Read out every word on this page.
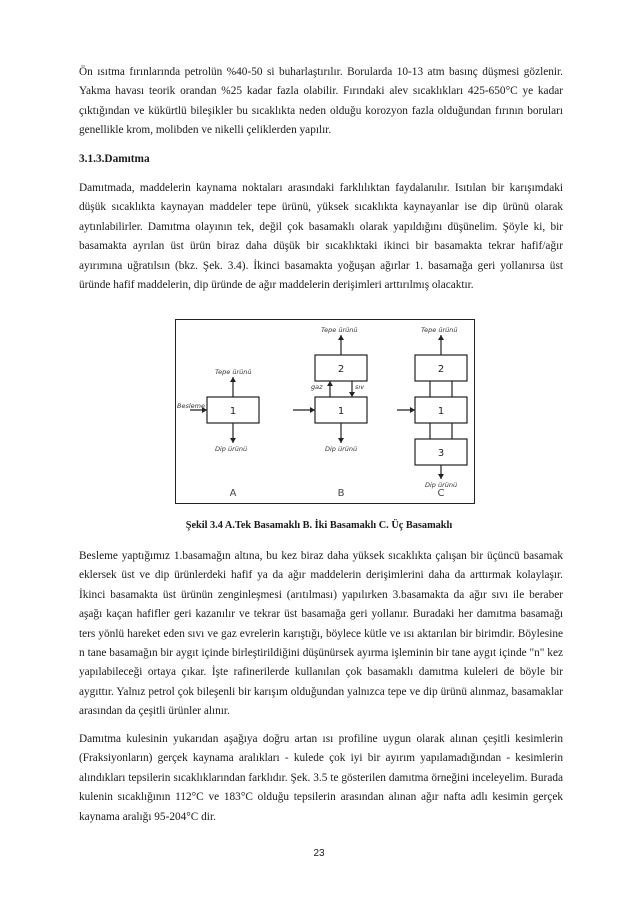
Ön ısıtma fırınlarında petrolün %40-50 si buharlaştırılır. Borularda 10-13 atm basınç düşmesi gözlenir. Yakma havası teorik orandan %25 kadar fazla olabilir. Fırındaki alev sıcaklıkları 425-650°C ye kadar çıktığından ve kükürtlü bileşikler bu sıcaklıkta neden olduğu korozyon fazla olduğundan fırının boruları genellikle krom, molibden ve nikelli çeliklerden yapılır.

3.1.3.Damıtma

Damıtmada, maddelerin kaynama noktaları arasındaki farklılıktan faydalanılır. Isıtılan bir karışımdaki düşük sıcaklıkta kaynayan maddeler tepe ürünü, yüksek sıcaklıkta kaynayanlar ise dip ürünü olarak aytınlabilirler. Damıtma olayının tek, değil çok basamaklı olarak yapıldığını düşünelim. Şöyle ki, bir basamakta ayrılan üst ürün biraz daha düşük bir sıcaklıktaki ikinci bir basamakta tekrar hafif/ağır ayırımına uğratılsın (bkz. Şek. 3.4). İkinci basamakta yoğuşan ağırlar 1. basamağa geri yollanırsa üst üründe hafif maddelerin, dip üründe de ağır maddelerin derişimleri arttırılmış olacaktır.

1
2
1
2
1
3
Besleme
Tepe ürünü
Dip ürünü
Tepe ürünü
gaz	sıv
Dip ürünü
Tepe ürünü
Dip ürünü
A	B	C

Şekil 3.4 A.Tek Basamaklı B. İki Basamaklı C. Üç Basamaklı

Besleme yaptığımız 1.basamağın altına, bu kez biraz daha yüksek sıcaklıkta çalışan bir üçüncü basamak eklersek üst ve dip ürünlerdeki hafif ya da ağır maddelerin derişimlerini daha da arttırmak kolaylaşır. İkinci basamakta üst ürünün zenginleşmesi (arıtılması) yapılırken 3.basamakta da ağır sıvı ile beraber aşağı kaçan hafifler geri kazanılır ve tekrar üst basamağa geri yollanır. Buradaki her damıtma basamağı ters yönlü hareket eden sıvı ve gaz evrelerin karıştığı, böylece kütle ve ısı aktarılan bir birimdir. Böylesine n tane basamağın bir aygıt içinde birleştirildiğini düşünürsek ayırma işleminin bir tane aygıt içinde "n" kez yapılabileceği ortaya çıkar. İşte rafinerilerde kullanılan çok basamaklı damıtma kuleleri de böyle bir aygıttır. Yalnız petrol çok bileşenli bir karışım olduğundan yalnızca tepe ve dip ürünü alınmaz, basamaklar arasından da çeşitli ürünler alınır.

Damıtma kulesinin yukarıdan aşağıya doğru artan ısı profiline uygun olarak alınan çeşitli kesimlerin (Fraksiyonların) gerçek kaynama aralıkları - kulede çok iyi bir ayırım yapılamadığından - kesimlerin alındıkları tepsilerin sıcaklıklarından farklıdır. Şek. 3.5 te gösterilen damıtma örneğini inceleyelim. Burada kulenin sıcaklığının 112°C ve 183°C olduğu tepsilerin arasından alınan ağır nafta adlı kesimin gerçek kaynama aralığı 95-204°C dir.

23
